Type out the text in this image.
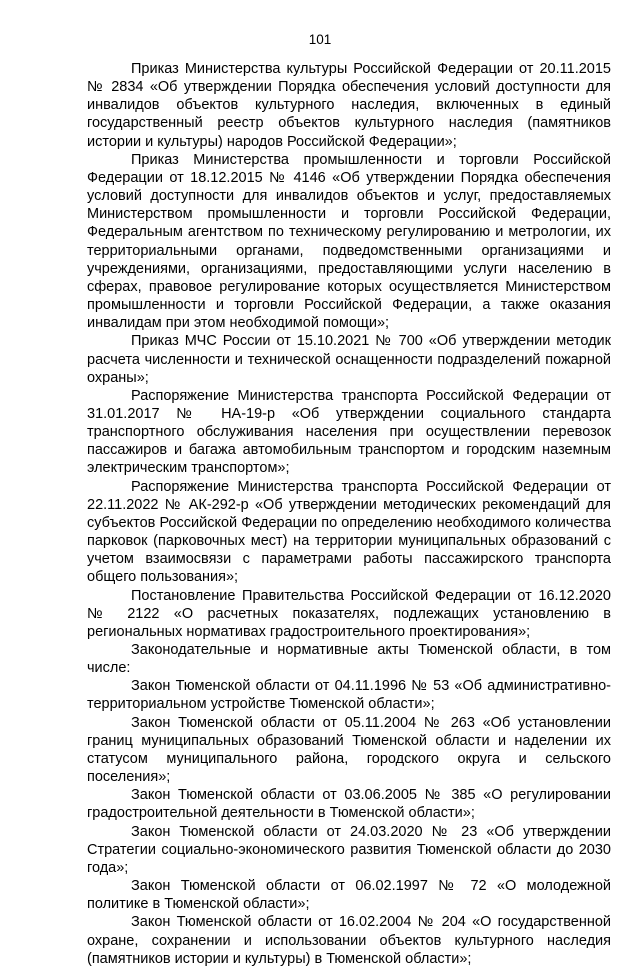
101

Приказ Министерства культуры Российской Федерации от 20.11.2015 № 2834 «Об утверждении Порядка обеспечения условий доступности для инвалидов объектов культурного наследия, включенных в единый государственный реестр объектов культурного наследия (памятников истории и культуры) народов Российской Федерации»;

Приказ Министерства промышленности и торговли Российской Федерации от 18.12.2015 № 4146 «Об утверждении Порядка обеспечения условий доступности для инвалидов объектов и услуг, предоставляемых Министерством промышленности и торговли Российской Федерации, Федеральным агентством по техническому регулированию и метрологии, их территориальными органами, подведомственными организациями и учреждениями, организациями, предоставляющими услуги населению в сферах, правовое регулирование которых осуществляется Министерством промышленности и торговли Российской Федерации, а также оказания инвалидам при этом необходимой помощи»;

Приказ МЧС России от 15.10.2021 № 700 «Об утверждении методик расчета численности и технической оснащенности подразделений пожарной охраны»;

Распоряжение Министерства транспорта Российской Федерации от 31.01.2017 № НА-19-р «Об утверждении социального стандарта транспортного обслуживания населения при осуществлении перевозок пассажиров и багажа автомобильным транспортом и городским наземным электрическим транспортом»;

Распоряжение Министерства транспорта Российской Федерации от 22.11.2022 № АК-292-р «Об утверждении методических рекомендаций для субъектов Российской Федерации по определению необходимого количества парковок (парковочных мест) на территории муниципальных образований с учетом взаимосвязи с параметрами работы пассажирского транспорта общего пользования»;

Постановление Правительства Российской Федерации от 16.12.2020 № 2122 «О расчетных показателях, подлежащих установлению в региональных нормативах градостроительного проектирования»;

Законодательные и нормативные акты Тюменской области, в том числе:

Закон Тюменской области от 04.11.1996 № 53 «Об административно-территориальном устройстве Тюменской области»;

Закон Тюменской области от 05.11.2004 № 263 «Об установлении границ муниципальных образований Тюменской области и наделении их статусом муниципального района, городского округа и сельского поселения»;

Закон Тюменской области от 03.06.2005 № 385 «О регулировании градостроительной деятельности в Тюменской области»;

Закон Тюменской области от 24.03.2020 № 23 «Об утверждении Стратегии социально-экономического развития Тюменской области до 2030 года»;

Закон Тюменской области от 06.02.1997 № 72 «О молодежной политике в Тюменской области»;

Закон Тюменской области от 16.02.2004 № 204 «О государственной охране, сохранении и использовании объектов культурного наследия (памятников истории и культуры) в Тюменской области»;
